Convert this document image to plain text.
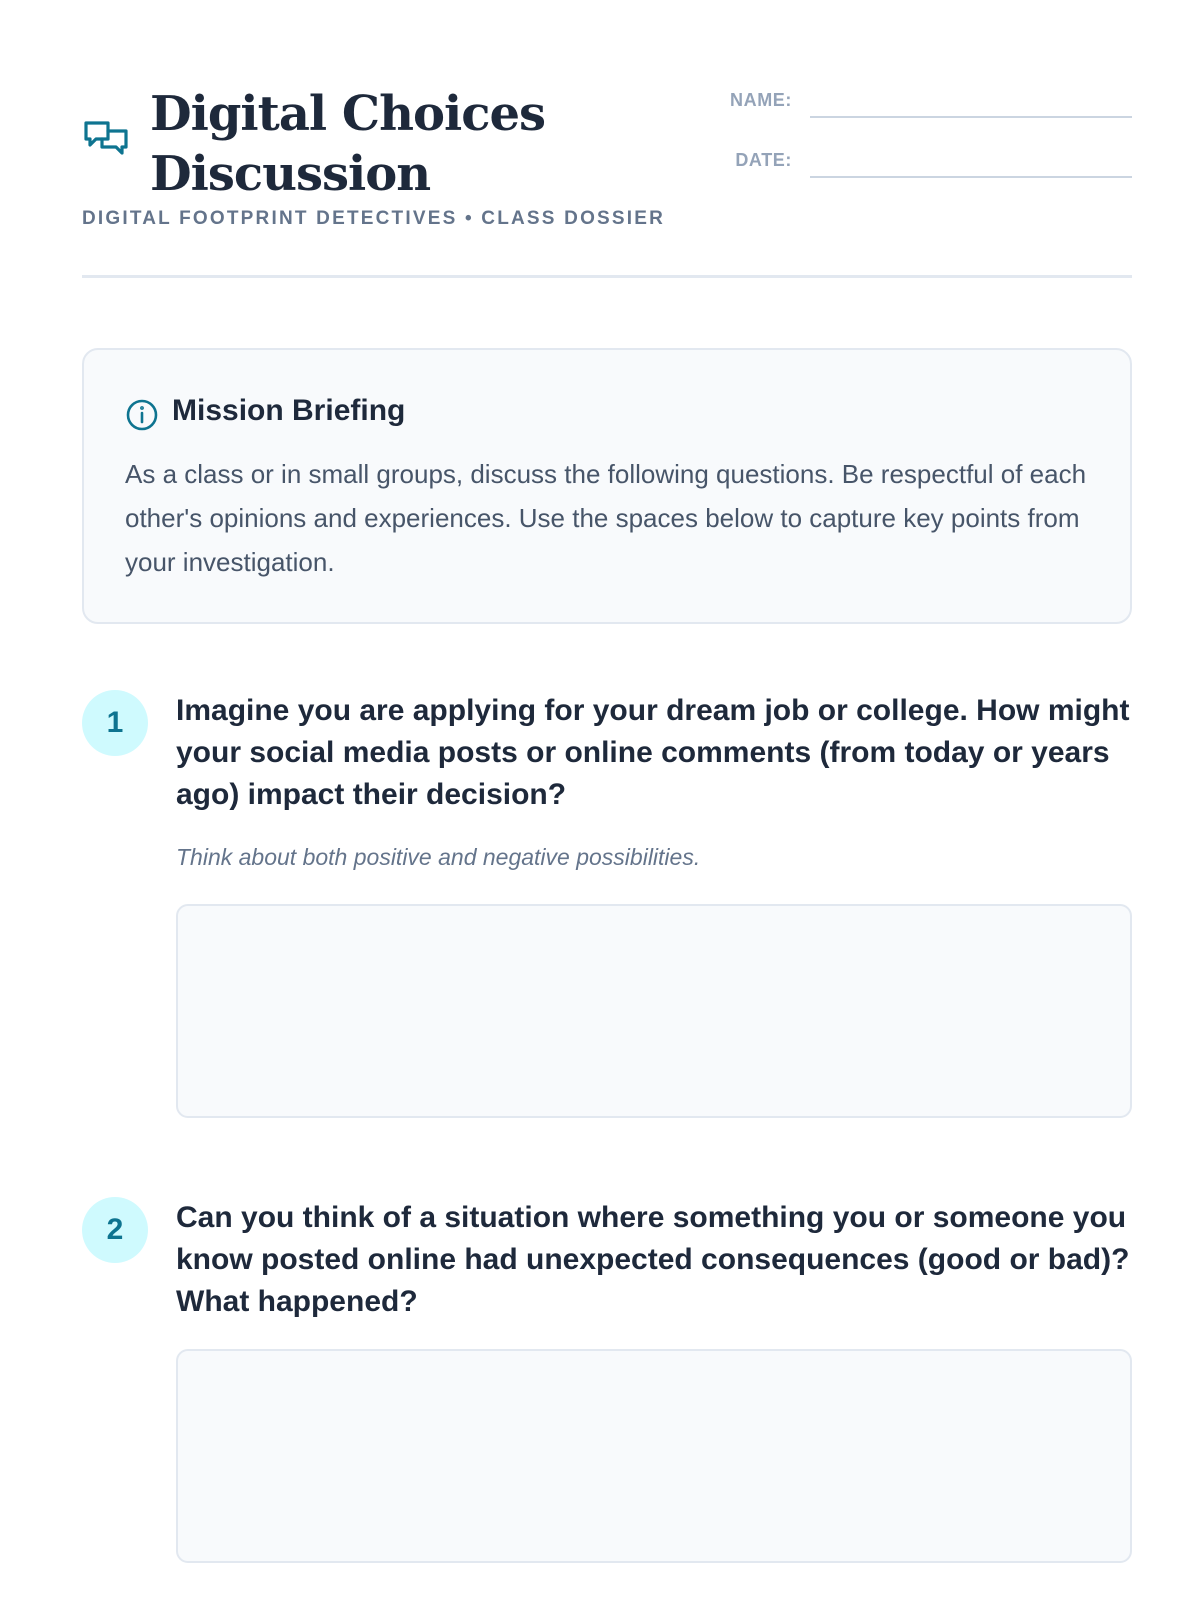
Digital Choices Discussion
DIGITAL FOOTPRINT DETECTIVES • CLASS DOSSIER
NAME:
DATE:
Mission Briefing
As a class or in small groups, discuss the following questions. Be respectful of each other's opinions and experiences. Use the spaces below to capture key points from your investigation.
1	Imagine you are applying for your dream job or college. How might your social media posts or online comments (from today or years ago) impact their decision?
Think about both positive and negative possibilities.
2	Can you think of a situation where something you or someone you know posted online had unexpected consequences (good or bad)? What happened?
